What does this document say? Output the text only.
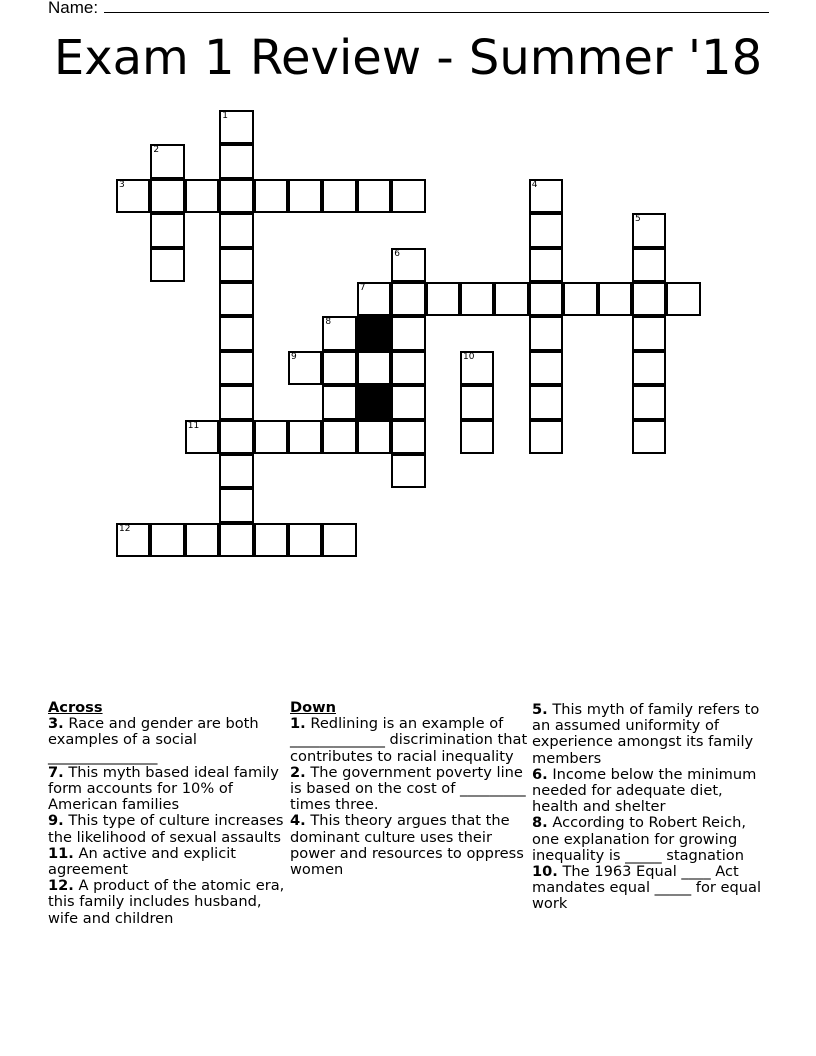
Name:
Exam 1 Review - Summer '18
1
2
3	4
5
6
7
8
9	10
11
12
Across
3. Race and gender are both examples of a social _______________
7. This myth based ideal family form accounts for 10% of American families
9. This type of culture increases the likelihood of sexual assaults
11. An active and explicit agreement
12. A product of the atomic era, this family includes husband, wife and children
Down
1. Redlining is an example of _____________ discrimination that contributes to racial inequality
2. The government poverty line is based on the cost of _________ times three.
4. This theory argues that the dominant culture uses their power and resources to oppress women
5. This myth of family refers to an assumed uniformity of experience amongst its family members
6. Income below the minimum needed for adequate diet, health and shelter
8. According to Robert Reich, one explanation for growing inequality is _____ stagnation
10. The 1963 Equal ____ Act mandates equal _____ for equal work
